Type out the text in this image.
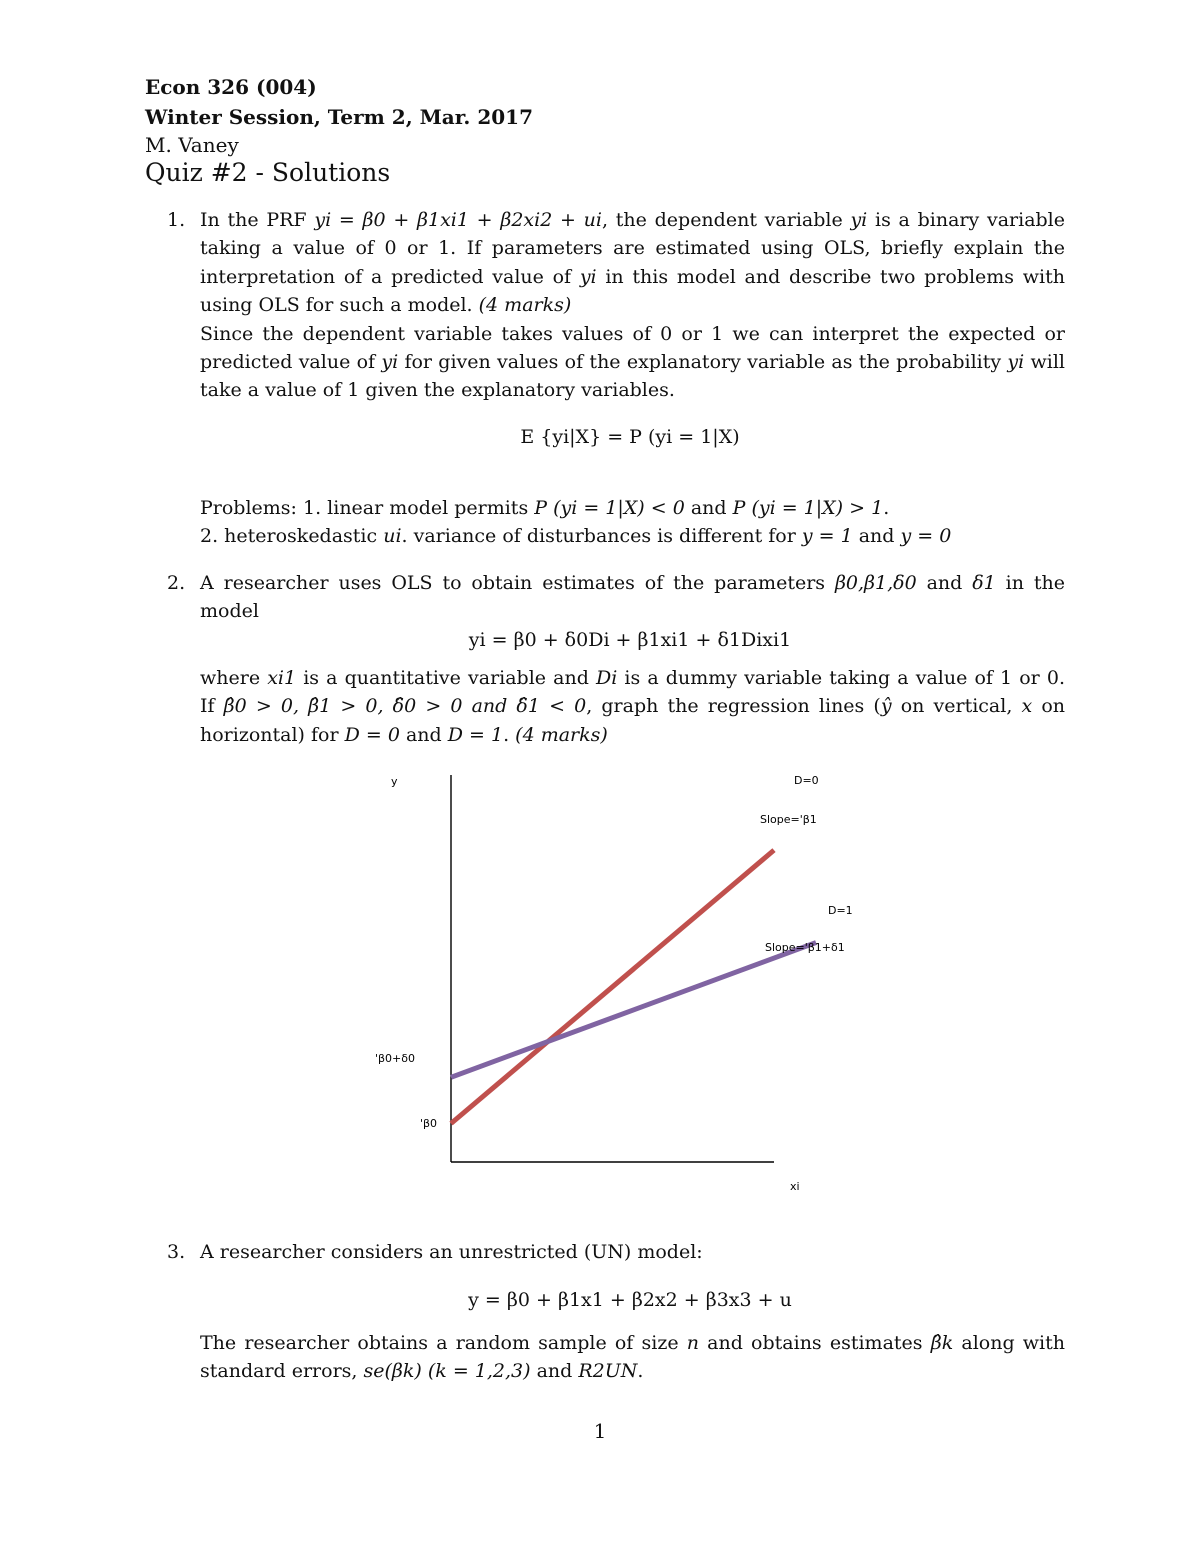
Econ 326 (004)
Winter Session, Term 2, Mar. 2017
M. Vaney
Quiz #2 - Solutions
1. In the PRF yi = β0 + β1xi1 + β2xi2 + ui, the dependent variable yi is a binary variable taking a value of 0 or 1. If parameters are estimated using OLS, briefly explain the interpretation of a predicted value of yi in this model and describe two problems with using OLS for such a model. (4 marks)
Since the dependent variable takes values of 0 or 1 we can interpret the expected or predicted value of yi for given values of the explanatory variable as the probability yi will take a value of 1 given the explanatory variables.
E {yi|X} = P (yi = 1|X)
Problems: 1. linear model permits P (yi = 1|X) < 0 and P (yi = 1|X) > 1.
2. heteroskedastic ui. variance of disturbances is different for y = 1 and y = 0
2. A researcher uses OLS to obtain estimates of the parameters β0,β1,δ0 and δ1 in the model
yi = β0 + δ0Di + β1xi1 + δ1Dixi1
where xi1 is a quantitative variable and Di is a dummy variable taking a value of 1 or 0. If β̂0 > 0, β̂1 > 0, δ̂0 > 0 and δ̂1 < 0, graph the regression lines (ŷ on vertical, x on horizontal) for D = 0 and D = 1. (4 marks)
y
xi
D=0
Slope='β1
D=1
Slope='β1+δ1
'β0+δ0
'β0
3. A researcher considers an unrestricted (UN) model:
y = β0 + β1x1 + β2x2 + β3x3 + u
The researcher obtains a random sample of size n and obtains estimates β̂k along with standard errors, se(βk) (k = 1,2,3) and R2UN.
1
